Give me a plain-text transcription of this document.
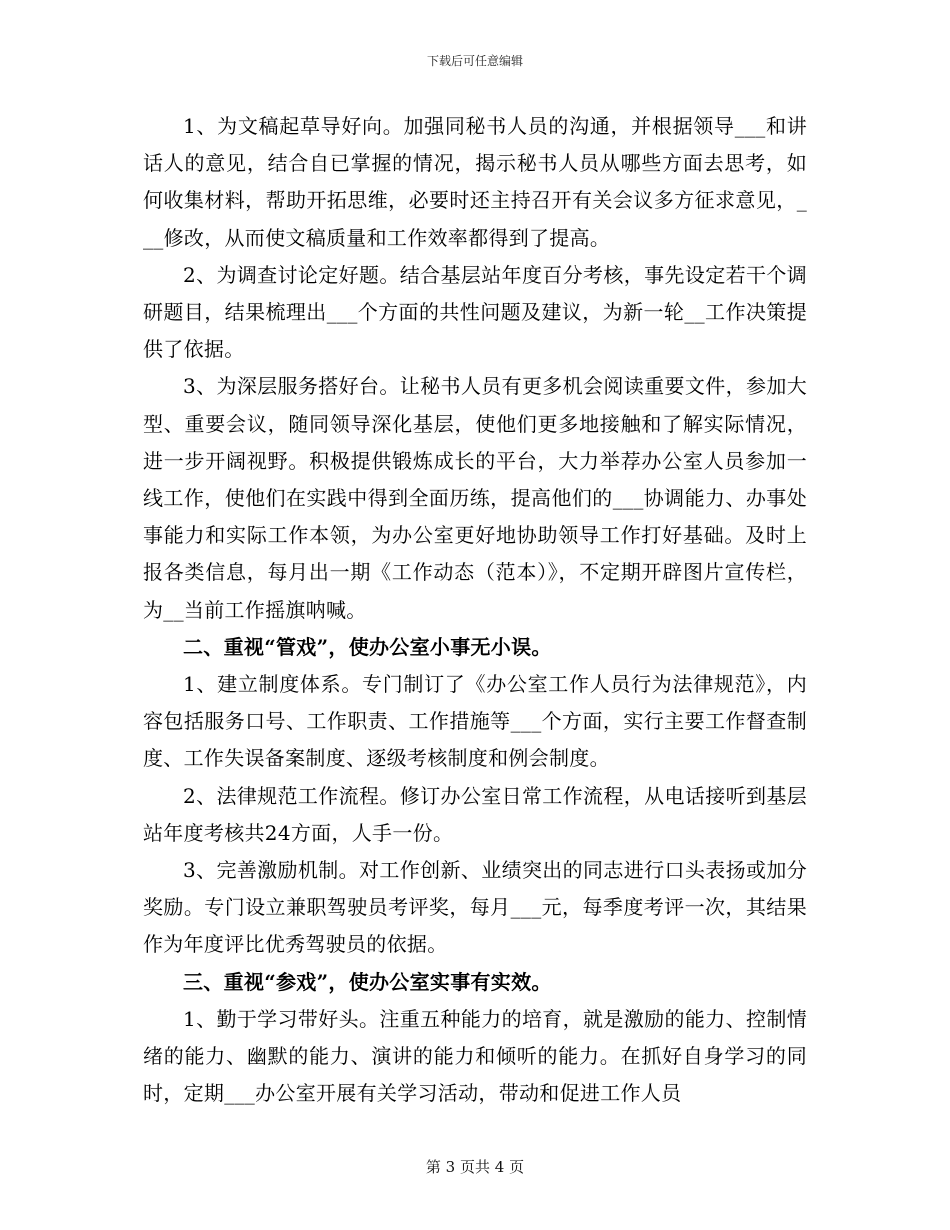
下载后可任意编辑

1、为文稿起草导好向。加强同秘书人员的沟通，并根据领导___和讲话人的意见，结合自已掌握的情况，揭示秘书人员从哪些方面去思考，如何收集材料，帮助开拓思维，必要时还主持召开有关会议多方征求意见，___修改，从而使文稿质量和工作效率都得到了提高。

2、为调查讨论定好题。结合基层站年度百分考核，事先设定若干个调研题目，结果梳理出___个方面的共性问题及建议，为新一轮__工作决策提供了依据。

3、为深层服务搭好台。让秘书人员有更多机会阅读重要文件，参加大型、重要会议，随同领导深化基层，使他们更多地接触和了解实际情况，进一步开阔视野。积极提供锻炼成长的平台，大力举荐办公室人员参加一线工作，使他们在实践中得到全面历练，提高他们的___协调能力、办事处事能力和实际工作本领，为办公室更好地协助领导工作打好基础。及时上报各类信息，每月出一期《工作动态（范本）》，不定期开辟图片宣传栏，为__当前工作摇旗呐喊。

二、重视“管戏”，使办公室小事无小误。

1、建立制度体系。专门制订了《办公室工作人员行为法律规范》，内容包括服务口号、工作职责、工作措施等___个方面，实行主要工作督查制度、工作失误备案制度、逐级考核制度和例会制度。

2、法律规范工作流程。修订办公室日常工作流程，从电话接听到基层站年度考核共24方面，人手一份。

3、完善激励机制。对工作创新、业绩突出的同志进行口头表扬或加分奖励。专门设立兼职驾驶员考评奖，每月___元，每季度考评一次，其结果作为年度评比优秀驾驶员的依据。

三、重视“参戏”，使办公室实事有实效。

1、勤于学习带好头。注重五种能力的培育，就是激励的能力、控制情绪的能力、幽默的能力、演讲的能力和倾听的能力。在抓好自身学习的同时，定期___办公室开展有关学习活动，带动和促进工作人员

第 3 页共 4 页
